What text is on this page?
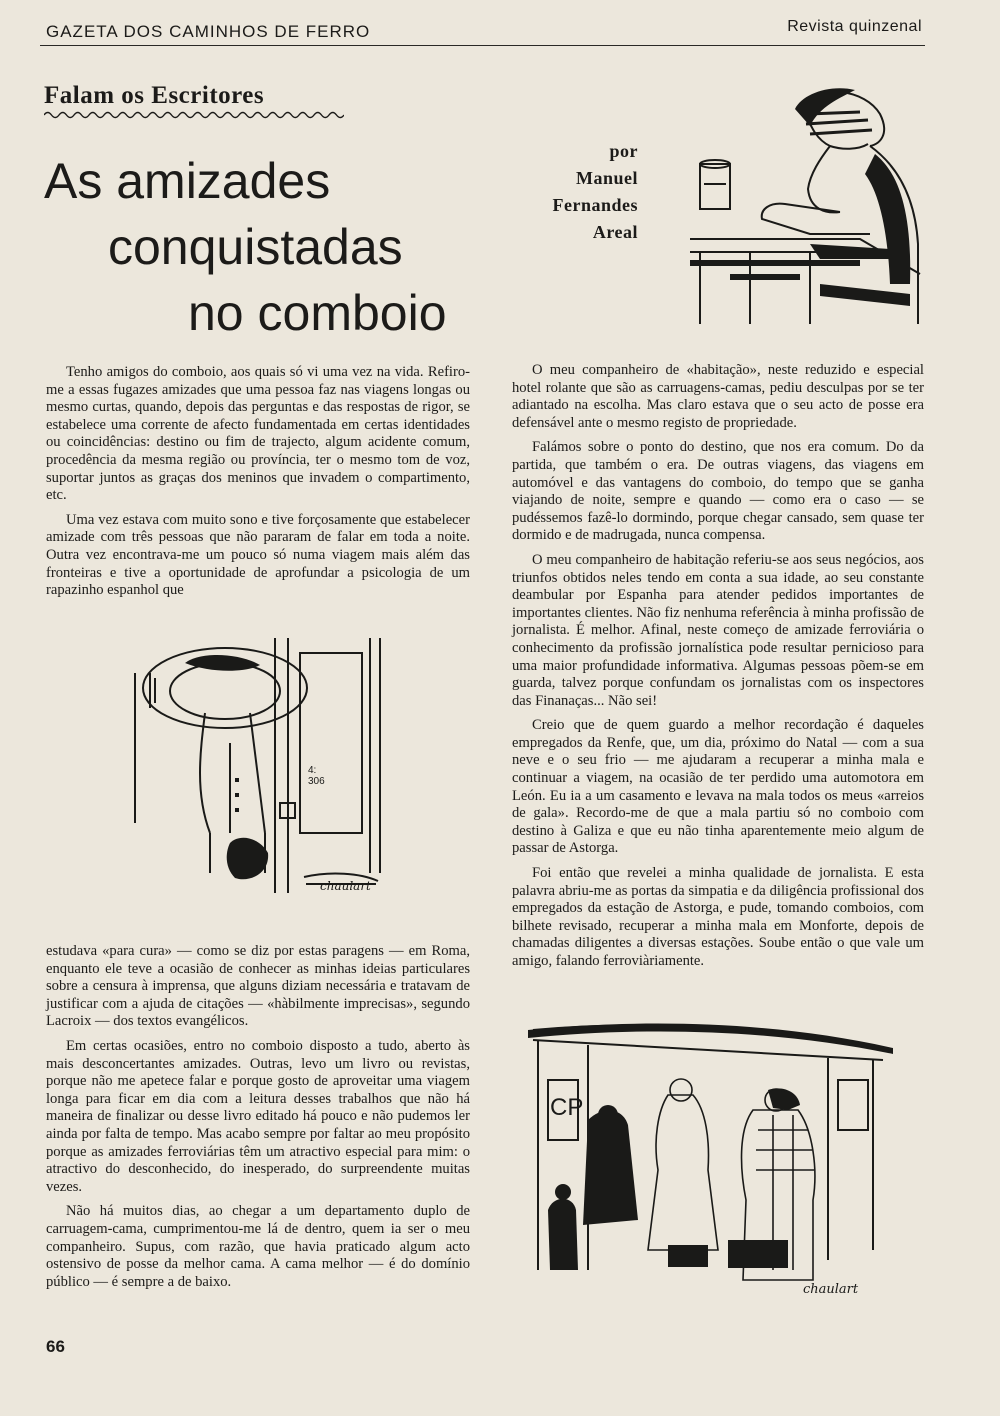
GAZETA DOS CAMINHOS DE FERRO	Revista quinzenal
Falam os Escritores
As amizades
conquistadas
no comboio
por
Manuel
Fernandes
Areal

Tenho amigos do comboio, aos quais só vi uma vez na vida. Refiro-me a essas fugazes amizades que uma pessoa faz nas viagens longas ou mesmo curtas, quando, depois das perguntas e das respostas de rigor, se estabelece uma corrente de afecto fundamentada em certas identidades ou coincidências: destino ou fim de trajecto, algum acidente comum, procedência da mesma região ou província, ter o mesmo tom de voz, suportar juntos as graças dos meninos que invadem o compartimento, etc.

Uma vez estava com muito sono e tive forçosamente que estabelecer amizade com três pessoas que não pararam de falar em toda a noite. Outra vez encontrava-me um pouco só numa viagem mais além das fronteiras e tive a oportunidade de aprofundar a psicologia de um rapazinho espanhol que

4: 306
chaulart

estudava «para cura» — como se diz por estas paragens — em Roma, enquanto ele teve a ocasião de conhecer as minhas ideias particulares sobre a censura à imprensa, que alguns diziam necessária e tratavam de justificar com a ajuda de citações — «hàbilmente imprecisas», segundo Lacroix — dos textos evangélicos.

Em certas ocasiões, entro no comboio disposto a tudo, aberto às mais desconcertantes amizades. Outras, levo um livro ou revistas, porque não me apetece falar e porque gosto de aproveitar uma viagem longa para ficar em dia com a leitura desses trabalhos que não há maneira de finalizar ou desse livro editado há pouco e não pudemos ler ainda por falta de tempo. Mas acabo sempre por faltar ao meu propósito porque as amizades ferroviárias têm um atractivo especial para mim: o atractivo do desconhecido, do inesperado, do surpreendente muitas vezes.

Não há muitos dias, ao chegar a um departamento duplo de carruagem-cama, cumprimentou-me lá de dentro, quem ia ser o meu companheiro. Supus, com razão, que havia praticado algum acto ostensivo de posse da melhor cama. A cama melhor — é do domínio público — é sempre a de baixo.

O meu companheiro de «habitação», neste reduzido e especial hotel rolante que são as carruagens-camas, pediu desculpas por se ter adiantado na escolha. Mas claro estava que o seu acto de posse era defensável ante o mesmo registo de propriedade.

Falámos sobre o ponto do destino, que nos era comum. Do da partida, que também o era. De outras viagens, das viagens em automóvel e das vantagens do comboio, do tempo que se ganha viajando de noite, sempre e quando — como era o caso — se pudéssemos fazê-lo dormindo, porque chegar cansado, sem quase ter dormido e de madrugada, nunca compensa.

O meu companheiro de habitação referiu-se aos seus negócios, aos triunfos obtidos neles tendo em conta a sua idade, ao seu constante deambular por Espanha para atender pedidos importantes de importantes clientes. Não fiz nenhuma referência à minha profissão de jornalista. É melhor. Afinal, neste começo de amizade ferroviária o conhecimento da profissão jornalística pode resultar pernicioso para uma maior profundidade informativa. Algumas pessoas põem-se em guarda, talvez porque confundam os jornalistas com os inspectores das Finanaças... Não sei!

Creio que de quem guardo a melhor recordação é daqueles empregados da Renfe, que, um dia, próximo do Natal — com a sua neve e o seu frio — me ajudaram a recuperar a minha mala e continuar a viagem, na ocasião de ter perdido uma automotora em León. Eu ia a um casamento e levava na mala todos os meus «arreios de gala». Recordo-me de que a mala partiu só no comboio com destino à Galiza e que eu não tinha aparentemente meio algum de passar de Astorga.

Foi então que revelei a minha qualidade de jornalista. E esta palavra abriu-me as portas da simpatia e da diligência profissional dos empregados da estação de Astorga, e pude, tomando comboios, com bilhete revisado, recuperar a minha mala em Monforte, depois de chamadas diligentes a diversas estações. Soube então o que vale um amigo, falando ferroviàriamente.

CP
chaulart
66
